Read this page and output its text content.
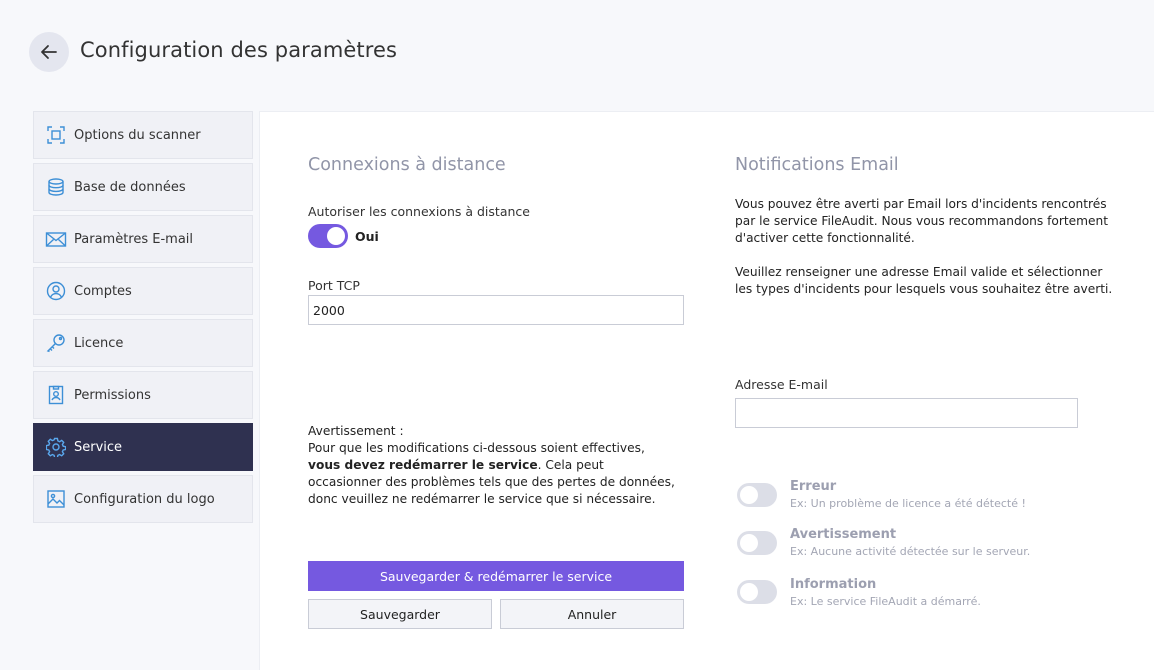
Configuration des paramètres
Options du scanner
Base de données
Paramètres E-mail
Comptes
Licence
Permissions
Service
Configuration du logo
Connexions à distance
Autoriser les connexions à distance
Oui
Port TCP
2000
Avertissement :
Pour que les modifications ci-dessous soient effectives, vous devez redémarrer le service. Cela peut occasionner des problèmes tels que des pertes de données, donc veuillez ne redémarrer le service que si nécessaire.
Sauvegarder & redémarrer le service
Sauvegarder	Annuler
Notifications Email

Vous pouvez être averti par Email lors d'incidents rencontrés par le service FileAudit. Nous vous recommandons fortement d'activer cette fonctionnalité.

Veuillez renseigner une adresse Email valide et sélectionner les types d'incidents pour lesquels vous souhaitez être averti.

Adresse E-mail
Erreur
Ex: Un problème de licence a été détecté !
Avertissement
Ex: Aucune activité détectée sur le serveur.
Information
Ex: Le service FileAudit a démarré.
